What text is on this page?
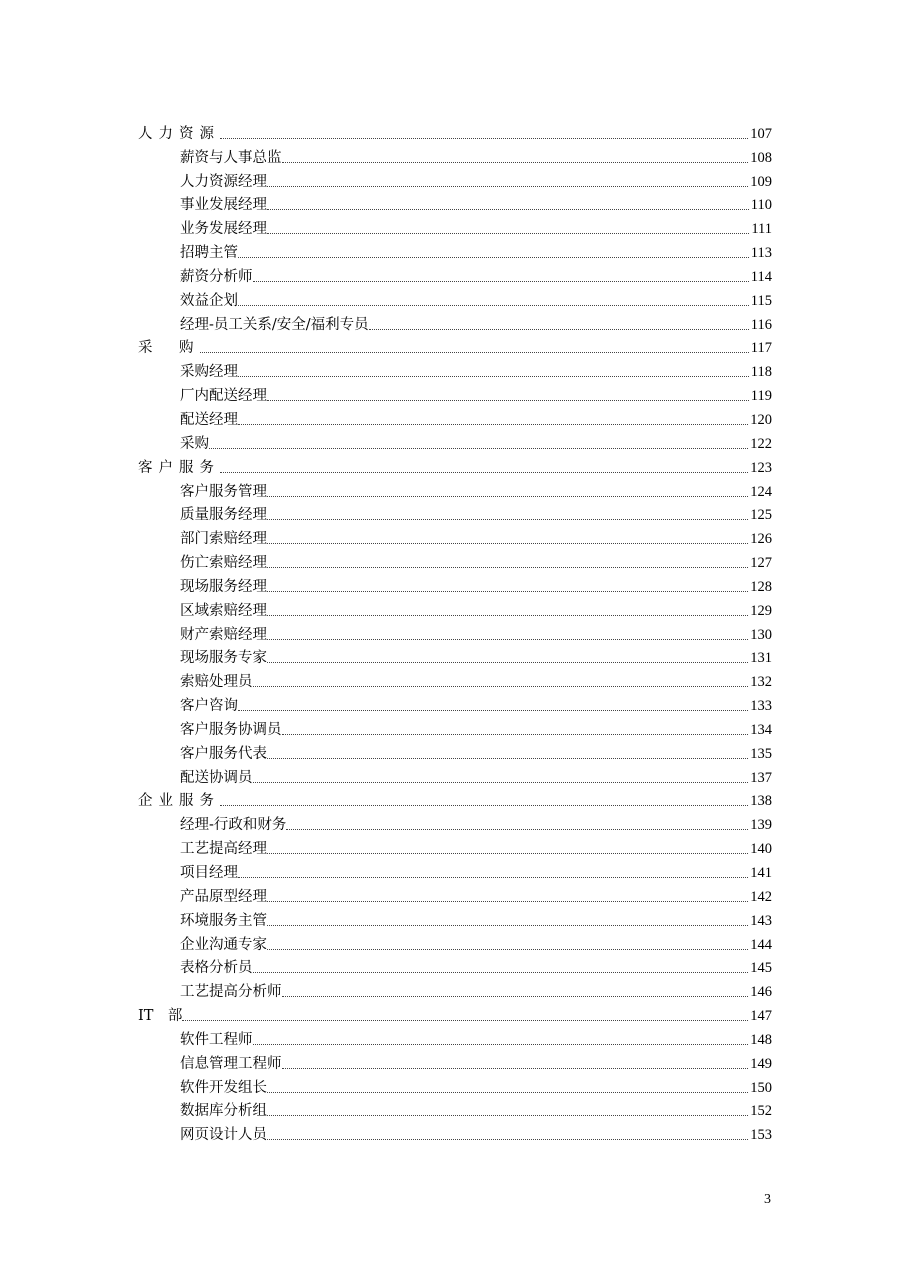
人力资源	107
薪资与人事总监	108
人力资源经理	109
事业发展经理	110
业务发展经理	111
招聘主管	113
薪资分析师	114
效益企划	115
经理-员工关系/安全/福利专员	116
采　购	117
采购经理	118
厂内配送经理	119
配送经理	120
采购	122
客户服务	123
客户服务管理	124
质量服务经理	125
部门索赔经理	126
伤亡索赔经理	127
现场服务经理	128
区域索赔经理	129
财产索赔经理	130
现场服务专家	131
索赔处理员	132
客户咨询	133
客户服务协调员	134
客户服务代表	135
配送协调员	137
企业服务	138
经理-行政和财务	139
工艺提高经理	140
项目经理	141
产品原型经理	142
环境服务主管	143
企业沟通专家	144
表格分析员	145
工艺提高分析师	146
IT　部	147
软件工程师	148
信息管理工程师	149
软件开发组长	150
数据库分析组	152
网页设计人员	153
3
